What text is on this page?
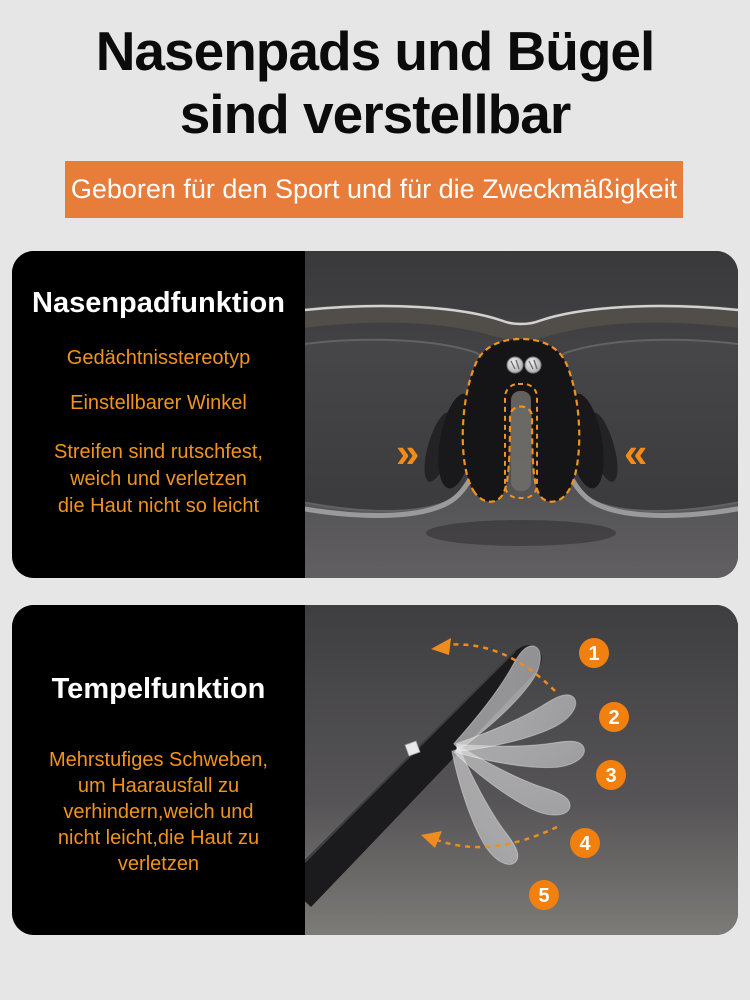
Nasenpads und Bügel
sind verstellbar
Geboren für den Sport und für die Zweckmäßigkeit
Nasenpadfunktion
Gedächtnisstereotyp
Einstellbarer Winkel
Streifen sind rutschfest,
weich und verletzen
die Haut nicht so leicht
»	«
Tempelfunktion
Mehrstufiges Schweben,
um Haarausfall zu
verhindern,weich und
nicht leicht,die Haut zu
verletzen
1
2
3
4
5
